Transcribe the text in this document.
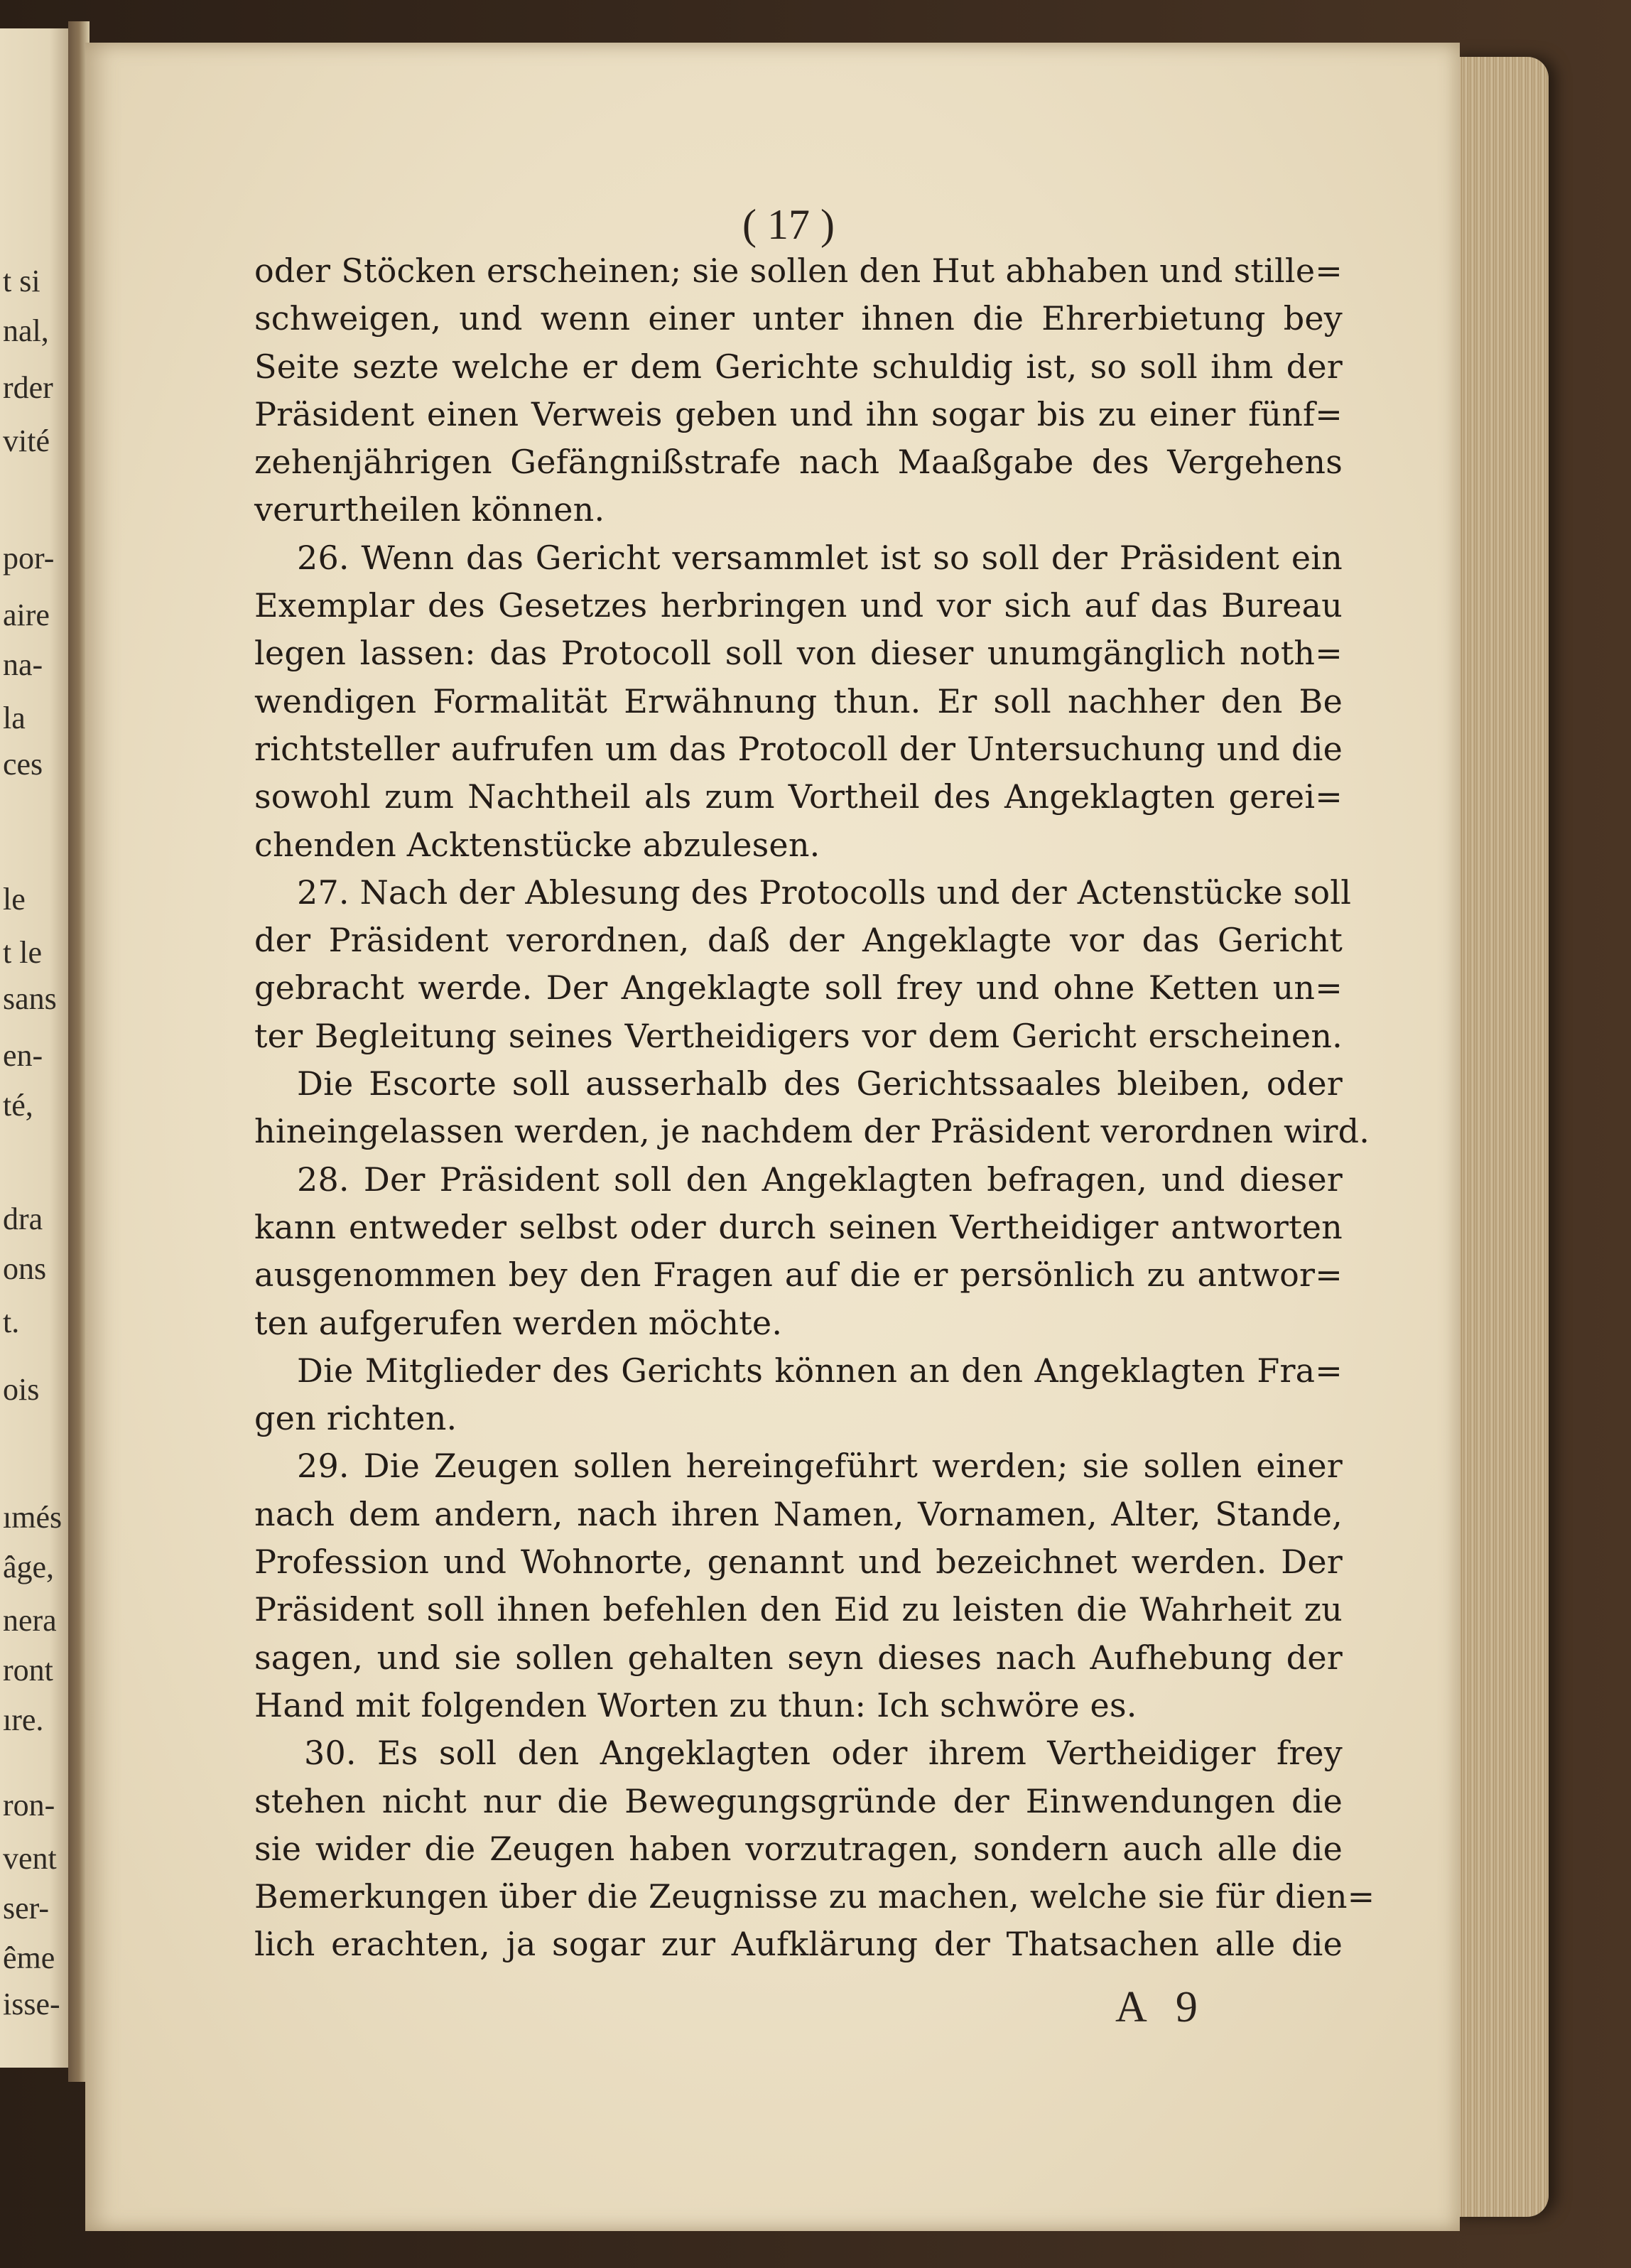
t si
nal,
rder
vité
por-
aire
na-
la
ces
le
t le
sans
en-
té,
dra
ons
t.
ois
ımés
âge,
nera
ront
ıre.
ron-
vent
ser-
ême
isse-
( 17 )
oder Stöcken erscheinen; sie sollen den Hut abhaben und stille=
schweigen, und wenn einer unter ihnen die Ehrerbietung bey
Seite sezte welche er dem Gerichte schuldig ist, so soll ihm der
Präsident einen Verweis geben und ihn sogar bis zu einer fünf=
zehenjährigen Gefängnißstrafe nach Maaßgabe des Vergehens
verurtheilen können.
26. Wenn das Gericht versammlet ist so soll der Präsident ein
Exemplar des Gesetzes herbringen und vor sich auf das Bureau
legen lassen: das Protocoll soll von dieser unumgänglich noth=
wendigen Formalität Erwähnung thun. Er soll nachher den Be
richtsteller aufrufen um das Protocoll der Untersuchung und die
sowohl zum Nachtheil als zum Vortheil des Angeklagten gerei=
chenden Acktenstücke abzulesen.
27. Nach der Ablesung des Protocolls und der Actenstücke soll
der Präsident verordnen, daß der Angeklagte vor das Gericht
gebracht werde. Der Angeklagte soll frey und ohne Ketten un=
ter Begleitung seines Vertheidigers vor dem Gericht erscheinen.
Die Escorte soll ausserhalb des Gerichtssaales bleiben, oder
hineingelassen werden, je nachdem der Präsident verordnen wird.
28. Der Präsident soll den Angeklagten befragen, und dieser
kann entweder selbst oder durch seinen Vertheidiger antworten
ausgenommen bey den Fragen auf die er persönlich zu antwor=
ten aufgerufen werden möchte.
Die Mitglieder des Gerichts können an den Angeklagten Fra=
gen richten.
29. Die Zeugen sollen hereingeführt werden; sie sollen einer
nach dem andern, nach ihren Namen, Vornamen, Alter, Stande,
Profession und Wohnorte, genannt und bezeichnet werden. Der
Präsident soll ihnen befehlen den Eid zu leisten die Wahrheit zu
sagen, und sie sollen gehalten seyn dieses nach Aufhebung der
Hand mit folgenden Worten zu thun: Ich schwöre es.
30. Es soll den Angeklagten oder ihrem Vertheidiger frey
stehen nicht nur die Bewegungsgründe der Einwendungen die
sie wider die Zeugen haben vorzutragen, sondern auch alle die
Bemerkungen über die Zeugnisse zu machen, welche sie für dien=
lich erachten, ja sogar zur Aufklärung der Thatsachen alle die
A 9
